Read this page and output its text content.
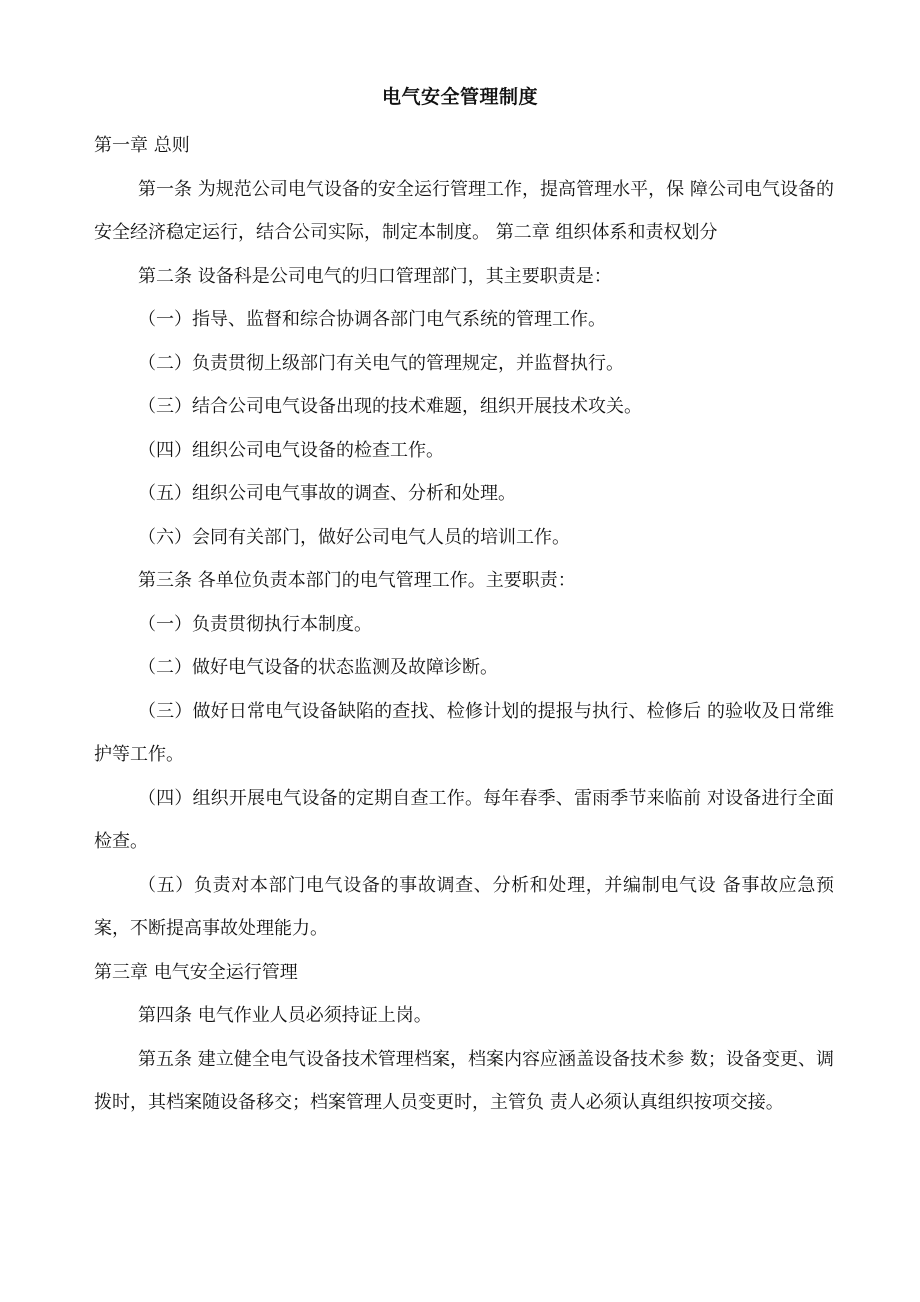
电气安全管理制度

第一章 总则

第一条 为规范公司电气设备的安全运行管理工作，提高管理水平，保 障公司电气设备的安全经济稳定运行，结合公司实际，制定本制度。 第二章 组织体系和责权划分

第二条 设备科是公司电气的归口管理部门，其主要职责是：

（一）指导、监督和综合协调各部门电气系统的管理工作。

（二）负责贯彻上级部门有关电气的管理规定，并监督执行。

（三）结合公司电气设备出现的技术难题，组织开展技术攻关。

（四）组织公司电气设备的检查工作。

（五）组织公司电气事故的调查、分析和处理。

（六）会同有关部门，做好公司电气人员的培训工作。

第三条 各单位负责本部门的电气管理工作。主要职责：

（一）负责贯彻执行本制度。

（二）做好电气设备的状态监测及故障诊断。

（三）做好日常电气设备缺陷的查找、检修计划的提报与执行、检修后 的验收及日常维护等工作。

（四）组织开展电气设备的定期自查工作。每年春季、雷雨季节来临前 对设备进行全面检查。

（五）负责对本部门电气设备的事故调查、分析和处理，并编制电气设 备事故应急预案，不断提高事故处理能力。

第三章 电气安全运行管理

第四条 电气作业人员必须持证上岗。

第五条 建立健全电气设备技术管理档案，档案内容应涵盖设备技术参 数；设备变更、调拨时，其档案随设备移交；档案管理人员变更时，主管负 责人必须认真组织按项交接。
